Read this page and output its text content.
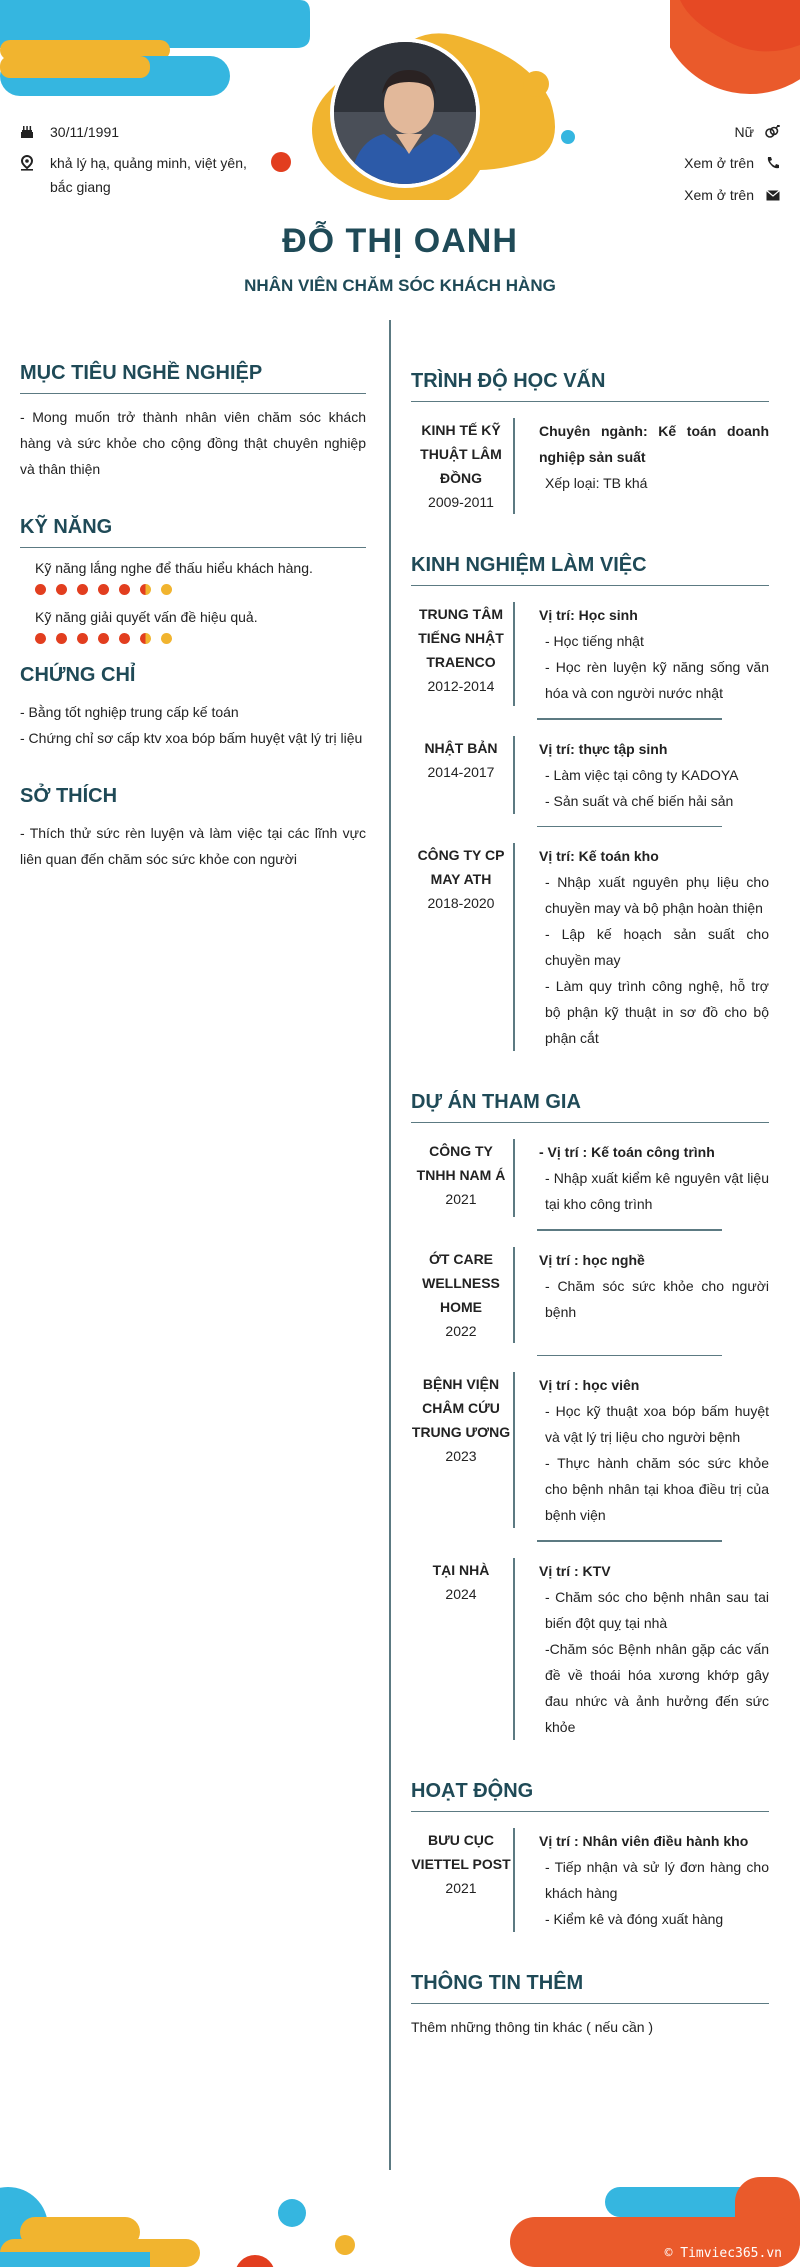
30/11/1991
khả lý hạ, quảng minh, việt yên, bắc giang
Nữ
Xem ở trên
Xem ở trên
ĐỖ THỊ OANH
NHÂN VIÊN CHĂM SÓC KHÁCH HÀNG
MỤC TIÊU NGHỀ NGHIỆP
- Mong muốn trở thành nhân viên chăm sóc khách hàng và sức khỏe cho cộng đồng thật chuyên nghiệp và thân thiện
KỸ NĂNG
Kỹ năng lắng nghe để thấu hiểu khách hàng.
Kỹ năng giải quyết vấn đề hiệu quả.
CHỨNG CHỈ
- Bằng tốt nghiệp trung cấp kế toán
- Chứng chỉ sơ cấp ktv xoa bóp bấm huyệt vật lý trị liệu
SỞ THÍCH
- Thích thử sức rèn luyện và làm việc tại các lĩnh vực liên quan đến chăm sóc sức khỏe con người
TRÌNH ĐỘ HỌC VẤN
KINH TẾ KỸ THUẬT LÂM ĐỒNG
2009-2011
Chuyên ngành: Kế toán doanh nghiệp sản suất
Xếp loại: TB khá
KINH NGHIỆM LÀM VIỆC
TRUNG TÂM TIẾNG NHẬT TRAENCO
2012-2014
Vị trí: Học sinh
- Học tiếng nhật
- Học rèn luyện kỹ năng sống văn hóa và con người nước nhật
NHẬT BẢN
2014-2017
Vị trí: thực tập sinh
- Làm việc tại công ty KADOYA
- Sản suất và chế biến hải sản
CÔNG TY CP MAY ATH
2018-2020
Vị trí: Kế toán kho
- Nhập xuất nguyên phụ liệu cho chuyền may và bộ phận hoàn thiện
- Lập kế hoạch sản suất cho chuyền may
- Làm quy trình công nghệ, hỗ trợ bộ phận kỹ thuật in sơ đồ cho bộ phận cắt
DỰ ÁN THAM GIA
CÔNG TY TNHH NAM Á
2021
- Vị trí : Kế toán công trình
- Nhập xuất kiểm kê nguyên vật liệu tại kho công trình
ỚT CARE WELLNESS HOME
2022
Vị trí : học nghề
- Chăm sóc sức khỏe cho người bệnh
BỆNH VIỆN CHÂM CỨU TRUNG ƯƠNG
2023
Vị trí : học viên
- Học kỹ thuật xoa bóp bấm huyệt và vật lý trị liệu cho người bệnh
- Thực hành chăm sóc sức khỏe cho bệnh nhân tại khoa điều trị của bệnh viện
TẠI NHÀ
2024
Vị trí : KTV
- Chăm sóc cho bệnh nhân sau tai biến đột quỵ tại nhà
-Chăm sóc Bệnh nhân gặp các vấn đề về thoái hóa xương khớp gây đau nhức và ảnh hưởng đến sức khỏe
HOẠT ĐỘNG
BƯU CỤC VIETTEL POST
2021
Vị trí : Nhân viên điều hành kho
- Tiếp nhận và sử lý đơn hàng cho khách hàng
- Kiểm kê và đóng xuất hàng
THÔNG TIN THÊM
Thêm những thông tin khác ( nếu cần )
© Timviec365.vn
